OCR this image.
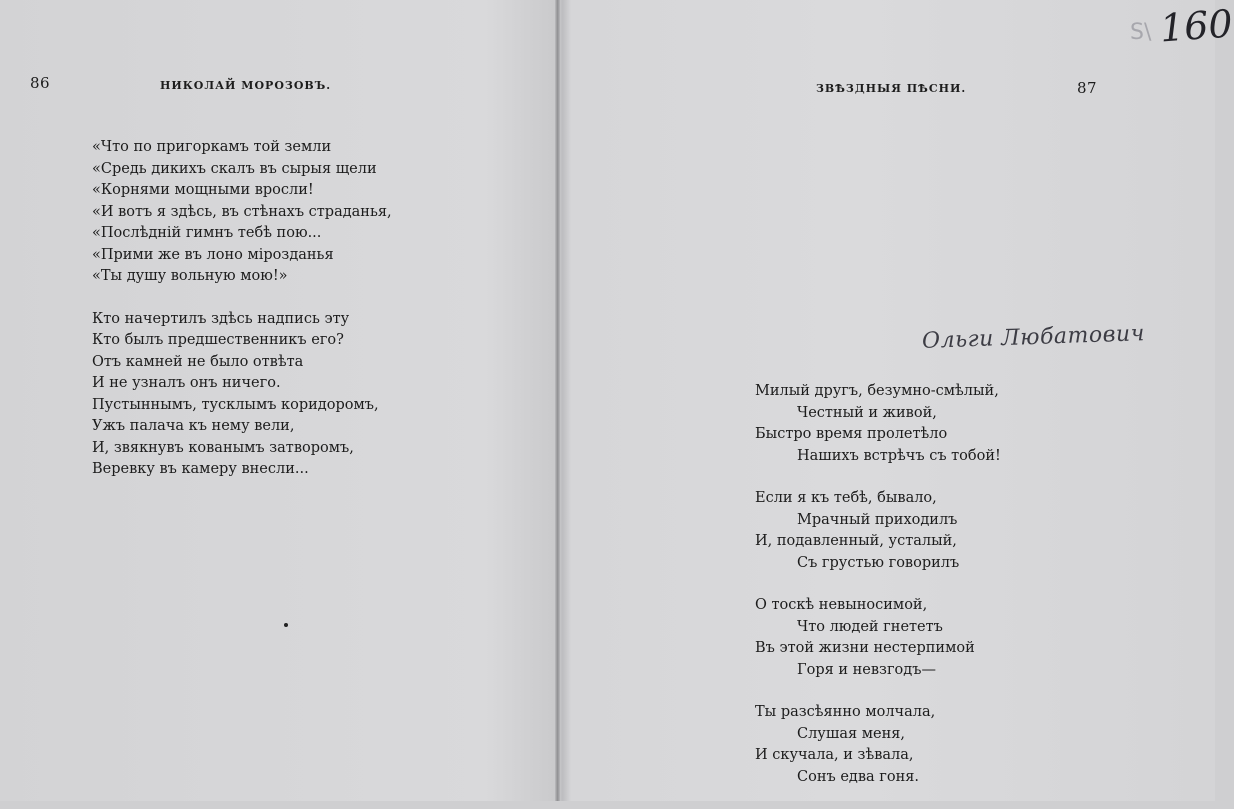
86	НИКОЛАЙ МОРОЗОВЪ.
«Что по пригоркамъ той земли
«Средь дикихъ скалъ въ сырыя щели
«Корнями мощными вросли!
«И вотъ я здѣсь, въ стѣнахъ страданья,
«Послѣдній гимнъ тебѣ пою...
«Прими же въ лоно мірозданья
«Ты душу вольную мою!»
Кто начертилъ здѣсь надпись эту
Кто былъ предшественникъ его?
Отъ камней не было отвѣта
И не узналъ онъ ничего.
Пустыннымъ, тусклымъ коридоромъ,
Ужъ палача къ нему вели,
И, звякнувъ кованымъ затворомъ,
Веревку въ камеру внесли...
ЗВѢЗДНЫЯ ПѢСНИ.	87
Ольги Любатович
Милый другъ, безумно-смѣлый,
Честный и живой,
Быстро время пролетѣло
Нашихъ встрѣчъ съ тобой!
Если я къ тебѣ, бывало,
Мрачный приходилъ
И, подавленный, усталый,
Съ грустью говорилъ
О тоскѣ невыносимой,
Что людей гнететъ
Въ этой жизни нестерпимой
Горя и невзгодъ—
Ты разсѣянно молчала,
Слушая меня,
И скучала, и зѣвала,
Сонъ едва гоня.
S\ 160
